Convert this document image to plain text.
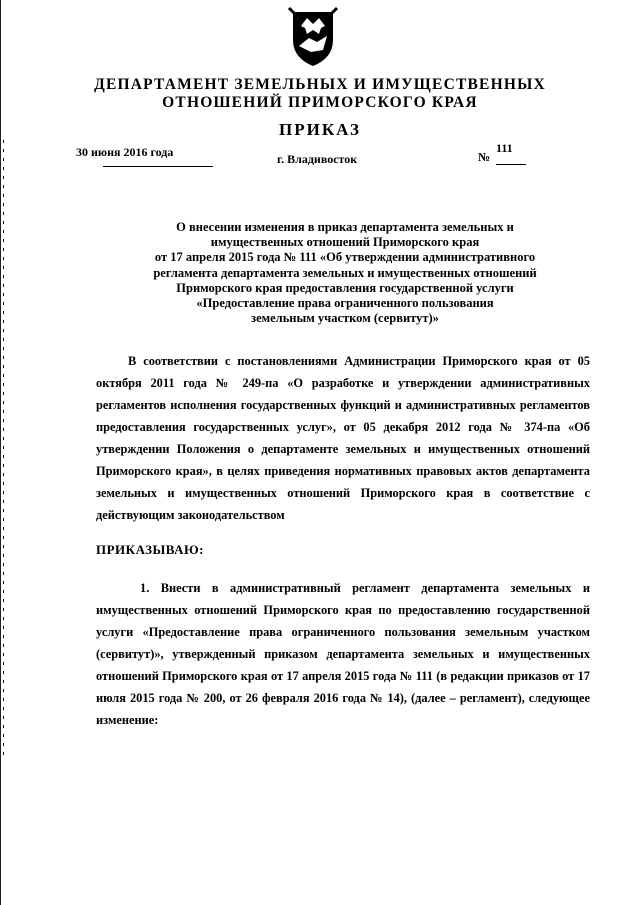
ДЕПАРТАМЕНТ ЗЕМЕЛЬНЫХ И ИМУЩЕСТВЕННЫХ
ОТНОШЕНИЙ ПРИМОРСКОГО КРАЯ
ПРИКАЗ
30 июня 2016 года	г. Владивосток	№
111
О внесении изменения в приказ департамента земельных и
имущественных отношений Приморского края
от 17 апреля 2015 года № 111 «Об утверждении административного
регламента департамента земельных и имущественных отношений
Приморского края предоставления государственной услуги
«Предоставление права ограниченного пользования
земельным участком (сервитут)»
В соответствии с постановлениями Администрации Приморского края от 05 октября 2011 года № 249-па «О разработке и утверждении административных регламентов исполнения государственных функций и административных регламентов предоставления государственных услуг», от 05 декабря 2012 года № 374-па «Об утверждении Положения о департаменте земельных и имущественных отношений Приморского края», в целях приведения нормативных правовых актов департамента земельных и имущественных отношений Приморского края в соответствие с действующим законодательством
ПРИКАЗЫВАЮ:
1. Внести в административный регламент департамента земельных и имущественных отношений Приморского края по предоставлению государственной услуги «Предоставление права ограниченного пользования земельным участком (сервитут)», утвержденный приказом департамента земельных и имущественных отношений Приморского края от 17 апреля 2015 года № 111 (в редакции приказов от 17 июля 2015 года № 200, от 26 февраля 2016 года № 14), (далее – регламент), следующее изменение:
